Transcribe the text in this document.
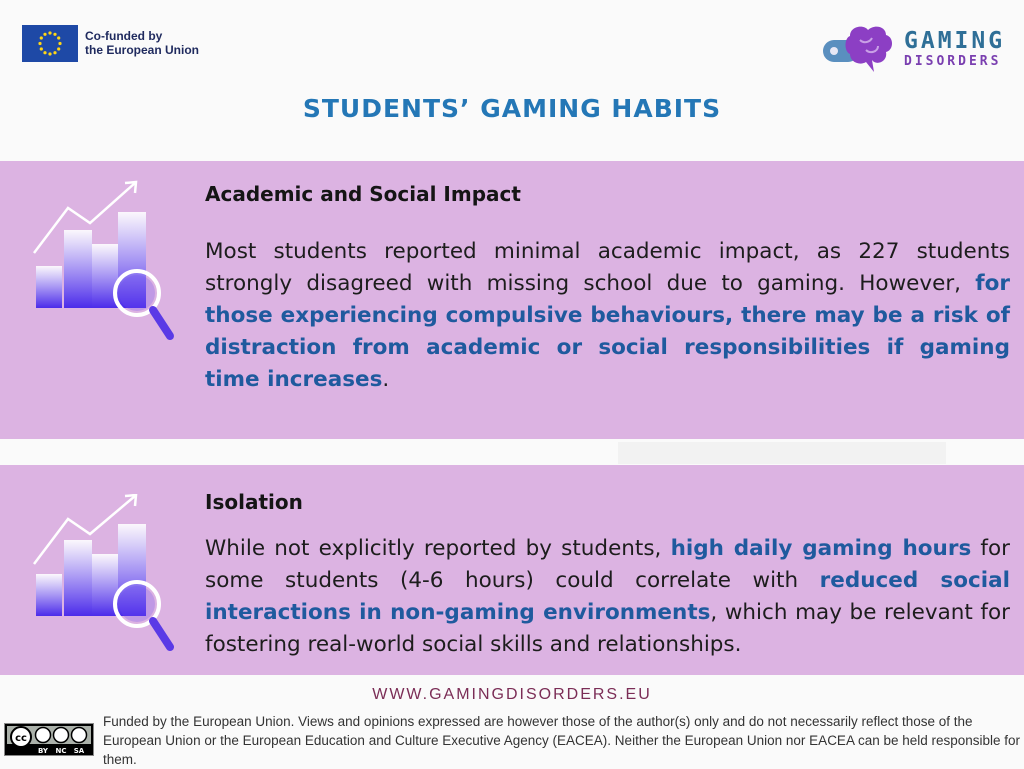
Co-funded by
the European Union	GAMING
DISORDERS
STUDENTS’ GAMING HABITS
Academic and Social Impact
Most students reported minimal academic impact, as 227 students strongly disagreed with missing school due to gaming. However, for those experiencing compulsive behaviours, there may be a risk of distraction from academic or social responsibilities if gaming time increases.
Isolation
While not explicitly reported by students, high daily gaming hours for some students (4-6 hours) could correlate with reduced social interactions in non-gaming environments, which may be relevant for fostering real-world social skills and relationships.
WWW.GAMINGDISORDERS.EU
cc
BY NC SA
Funded by the European Union. Views and opinions expressed are however those of the author(s) only and do not necessarily reflect those of the European Union or the European Education and Culture Executive Agency (EACEA). Neither the European Union nor EACEA can be held responsible for them.
